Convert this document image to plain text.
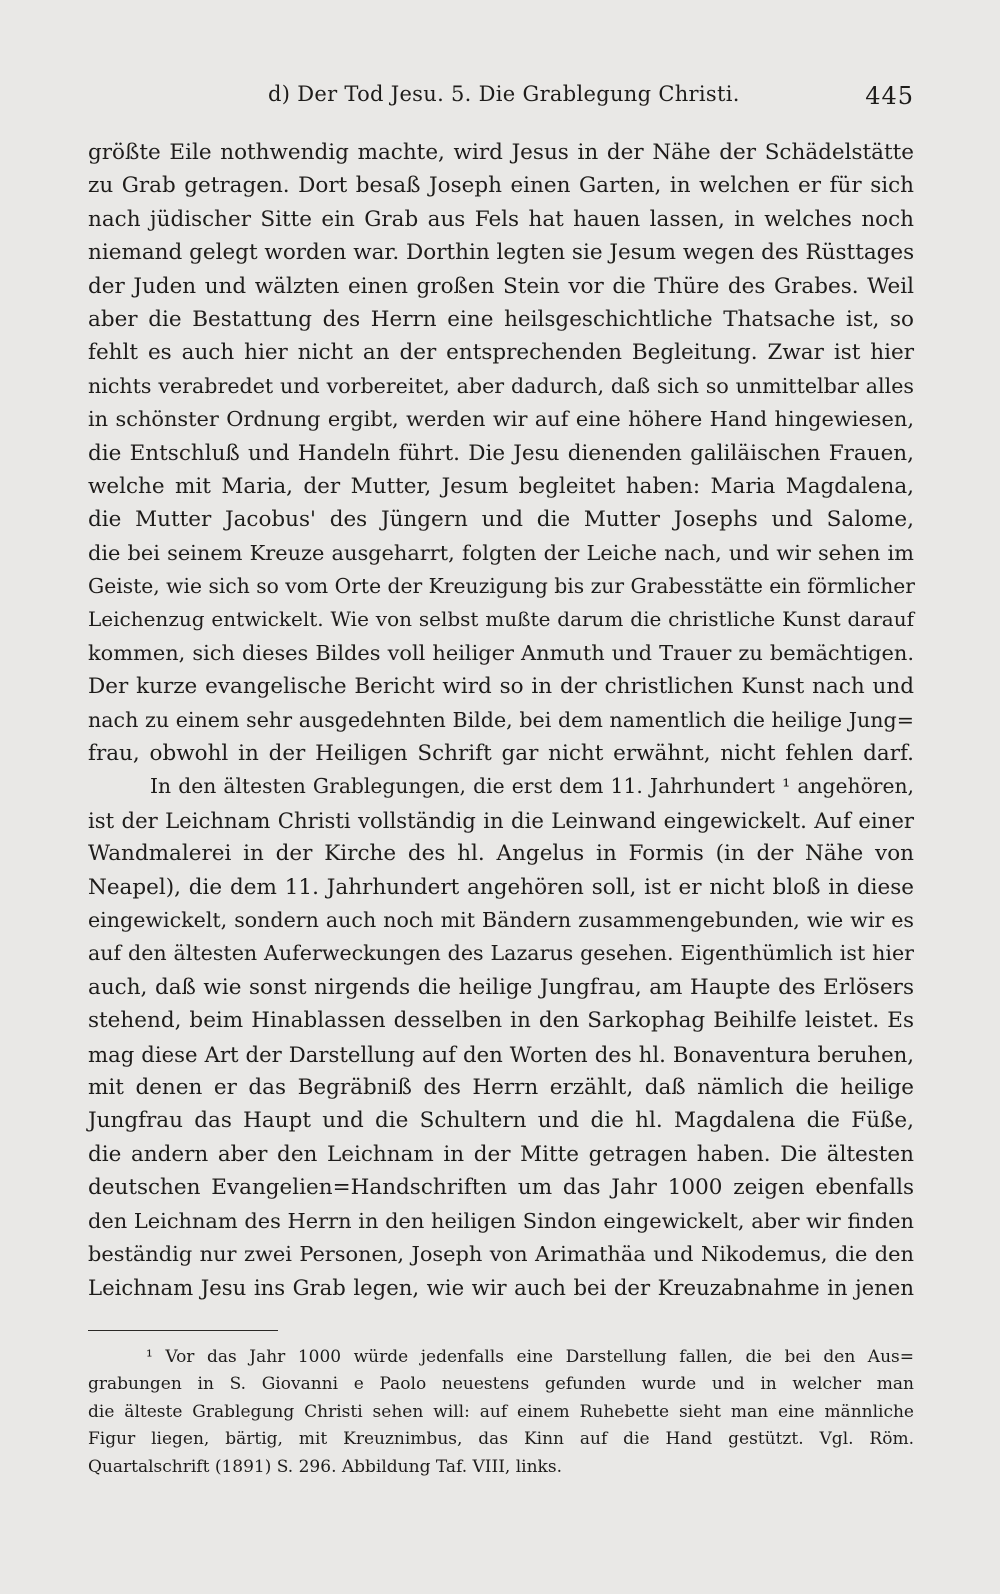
d) Der Tod Jesu. 5. Die Grablegung Christi.	445
größte Eile nothwendig machte, wird Jesus in der Nähe der Schädelstätte
zu Grab getragen. Dort besaß Joseph einen Garten, in welchen er für sich
nach jüdischer Sitte ein Grab aus Fels hat hauen lassen, in welches noch
niemand gelegt worden war. Dorthin legten sie Jesum wegen des Rüsttages
der Juden und wälzten einen großen Stein vor die Thüre des Grabes. Weil
aber die Bestattung des Herrn eine heilsgeschichtliche Thatsache ist, so
fehlt es auch hier nicht an der entsprechenden Begleitung. Zwar ist hier
nichts verabredet und vorbereitet, aber dadurch, daß sich so unmittelbar alles
in schönster Ordnung ergibt, werden wir auf eine höhere Hand hingewiesen,
die Entschluß und Handeln führt. Die Jesu dienenden galiläischen Frauen,
welche mit Maria, der Mutter, Jesum begleitet haben: Maria Magdalena,
die Mutter Jacobus' des Jüngern und die Mutter Josephs und Salome,
die bei seinem Kreuze ausgeharrt, folgten der Leiche nach, und wir sehen im
Geiste, wie sich so vom Orte der Kreuzigung bis zur Grabesstätte ein förmlicher
Leichenzug entwickelt. Wie von selbst mußte darum die christliche Kunst darauf
kommen, sich dieses Bildes voll heiliger Anmuth und Trauer zu bemächtigen.
Der kurze evangelische Bericht wird so in der christlichen Kunst nach und
nach zu einem sehr ausgedehnten Bilde, bei dem namentlich die heilige Jung=
frau, obwohl in der Heiligen Schrift gar nicht erwähnt, nicht fehlen darf.
In den ältesten Grablegungen, die erst dem 11. Jahrhundert ¹ angehören,
ist der Leichnam Christi vollständig in die Leinwand eingewickelt. Auf einer
Wandmalerei in der Kirche des hl. Angelus in Formis (in der Nähe von
Neapel), die dem 11. Jahrhundert angehören soll, ist er nicht bloß in diese
eingewickelt, sondern auch noch mit Bändern zusammengebunden, wie wir es
auf den ältesten Auferweckungen des Lazarus gesehen. Eigenthümlich ist hier
auch, daß wie sonst nirgends die heilige Jungfrau, am Haupte des Erlösers
stehend, beim Hinablassen desselben in den Sarkophag Beihilfe leistet. Es
mag diese Art der Darstellung auf den Worten des hl. Bonaventura beruhen,
mit denen er das Begräbniß des Herrn erzählt, daß nämlich die heilige
Jungfrau das Haupt und die Schultern und die hl. Magdalena die Füße,
die andern aber den Leichnam in der Mitte getragen haben. Die ältesten
deutschen Evangelien=Handschriften um das Jahr 1000 zeigen ebenfalls
den Leichnam des Herrn in den heiligen Sindon eingewickelt, aber wir finden
beständig nur zwei Personen, Joseph von Arimathäa und Nikodemus, die den
Leichnam Jesu ins Grab legen, wie wir auch bei der Kreuzabnahme in jenen
¹ Vor das Jahr 1000 würde jedenfalls eine Darstellung fallen, die bei den Aus=
grabungen in S. Giovanni e Paolo neuestens gefunden wurde und in welcher man
die älteste Grablegung Christi sehen will: auf einem Ruhebette sieht man eine männliche
Figur liegen, bärtig, mit Kreuznimbus, das Kinn auf die Hand gestützt. Vgl. Röm.
Quartalschrift (1891) S. 296. Abbildung Taf. VIII, links.
